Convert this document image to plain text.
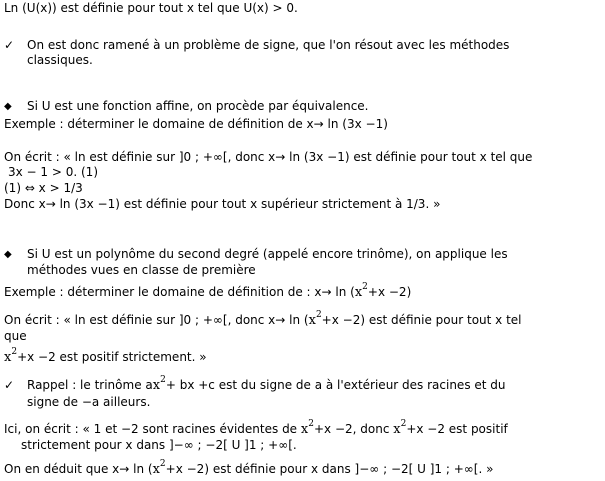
Ln (U(x)) est définie pour tout x tel que U(x) > 0.
✓ On est donc ramené à un problème de signe, que l'on résout avec les méthodes
classiques.
◆ Si U est une fonction affine, on procède par équivalence.
Exemple : déterminer le domaine de définition de x→ ln (3x −1)
On écrit : « ln est définie sur ]0 ; +∞[, donc x→ ln (3x −1) est définie pour tout x tel que
3x − 1 > 0. (1)
(1) ⇔ x > 1/3
Donc x→ ln (3x −1) est définie pour tout x supérieur strictement à 1/3. »
◆ Si U est un polynôme du second degré (appelé encore trinôme), on applique les
méthodes vues en classe de première
Exemple : déterminer le domaine de définition de : $x\to \ln (x^2+x -2)$
On écrit : « ln est définie sur ]0 ; +∞[, donc $x\to \ln (x^2+x -2)$ est définie pour tout x tel
que
$x^2+x -2$ est positif strictement. »
✓ Rappel : le trinôme $ax^2+$ bx +c est du signe de a à l'extérieur des racines et du
signe de −a ailleurs.
Ici, on écrit : « 1 et −2 sont racines évidentes de $x^2+x -2$, donc $x^2+x -2$ est positif
strictement pour x dans ]−∞ ; −2[ U ]1 ; +∞[.
On en déduit que $x\to \ln (x^2+x -2)$ est définie pour x dans ]−∞ ; −2[ U ]1 ; +∞[. »
